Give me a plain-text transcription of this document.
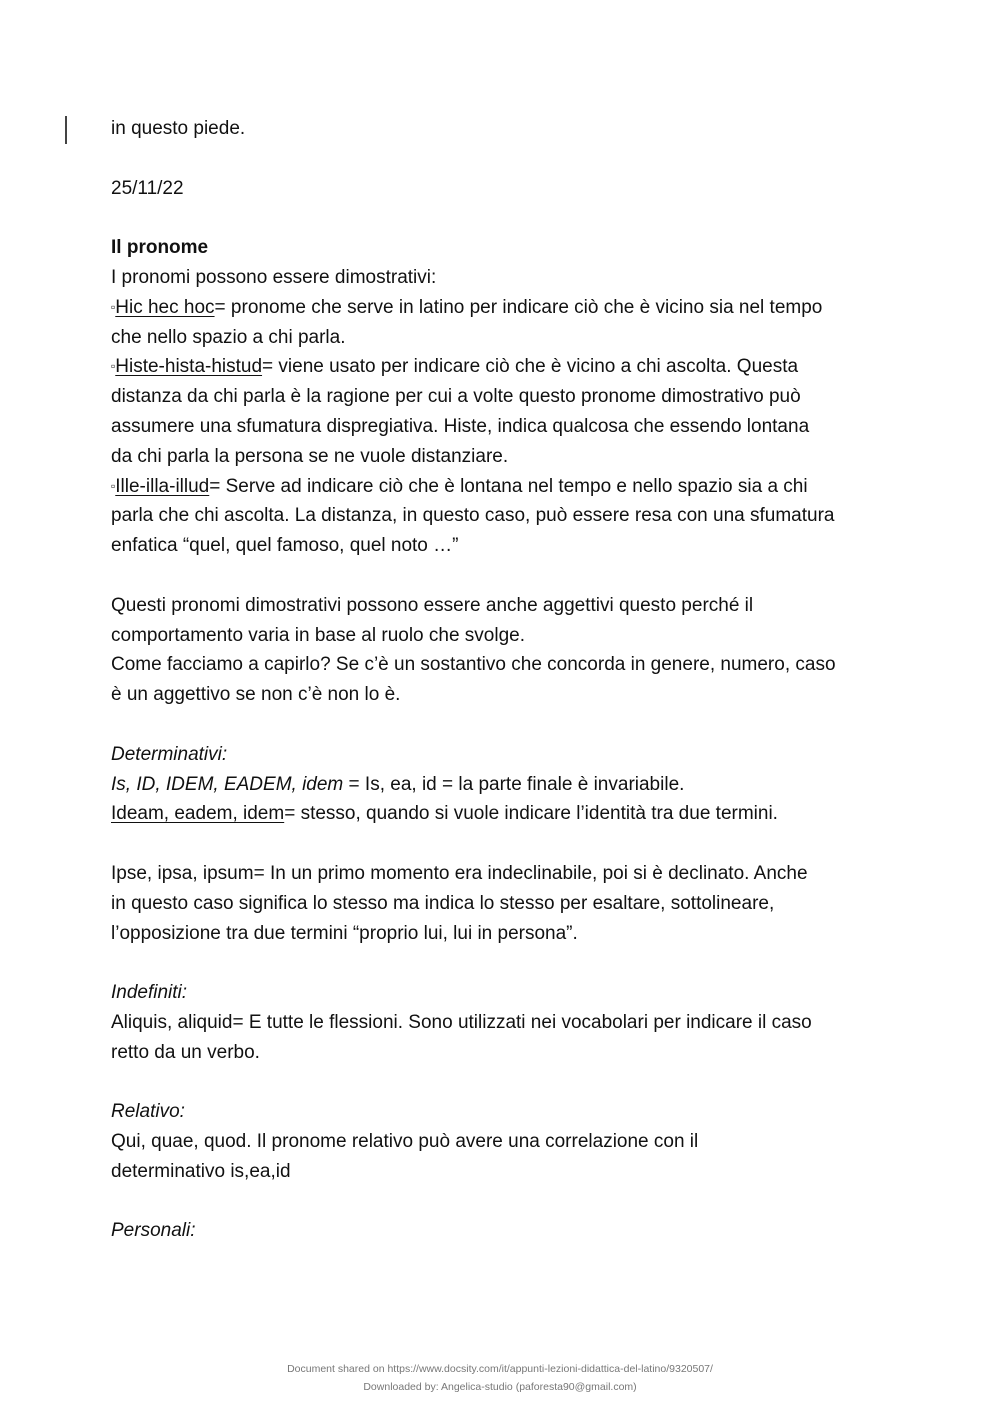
in questo piede.

25/11/22

Il pronome

I pronomi possono essere dimostrativi:

▫Hic hec hoc= pronome che serve in latino per indicare ciò che è vicino sia nel tempo

che nello spazio a chi parla.

▫Histe-hista-histud= viene usato per indicare ciò che è vicino a chi ascolta. Questa

distanza da chi parla è la ragione per cui a volte questo pronome dimostrativo può

assumere una sfumatura dispregiativa. Histe, indica qualcosa che essendo lontana

da chi parla la persona se ne vuole distanziare.

▫Ille-illa-illud= Serve ad indicare ciò che è lontana nel tempo e nello spazio sia a chi

parla che chi ascolta. La distanza, in questo caso, può essere resa con una sfumatura

enfatica “quel, quel famoso, quel noto …”

Questi pronomi dimostrativi possono essere anche aggettivi questo perché il

comportamento varia in base al ruolo che svolge.

Come facciamo a capirlo? Se c’è un sostantivo che concorda in genere, numero, caso

è un aggettivo se non c’è non lo è.

Determinativi:

Is, ID, IDEM, EADEM, idem = Is, ea, id = la parte finale è invariabile.

Ideam, eadem, idem= stesso, quando si vuole indicare l’identità tra due termini.

Ipse, ipsa, ipsum= In un primo momento era indeclinabile, poi si è declinato. Anche

in questo caso significa lo stesso ma indica lo stesso per esaltare, sottolineare,

l’opposizione tra due termini “proprio lui, lui in persona”.

Indefiniti:

Aliquis, aliquid= E tutte le flessioni. Sono utilizzati nei vocabolari per indicare il caso

retto da un verbo.

Relativo:

Qui, quae, quod. Il pronome relativo può avere una correlazione con il

determinativo is,ea,id

Personali:

Document shared on https://www.docsity.com/it/appunti-lezioni-didattica-del-latino/9320507/
Downloaded by: Angelica-studio (paforesta90@gmail.com)
